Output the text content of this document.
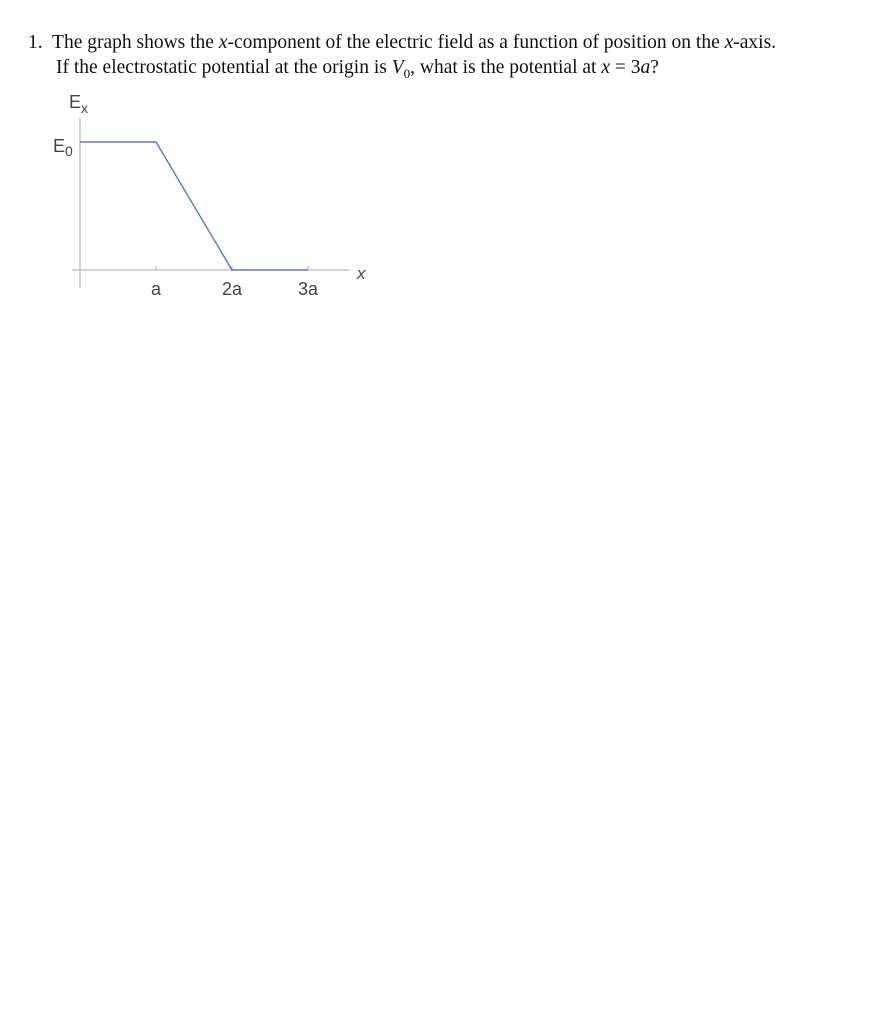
1. The graph shows the x-component of the electric field as a function of position on the x-axis.
If the electrostatic potential at the origin is $V_0$, what is the potential at x = 3a?
$E_x$
$E_0$
x
a	2a	3a
